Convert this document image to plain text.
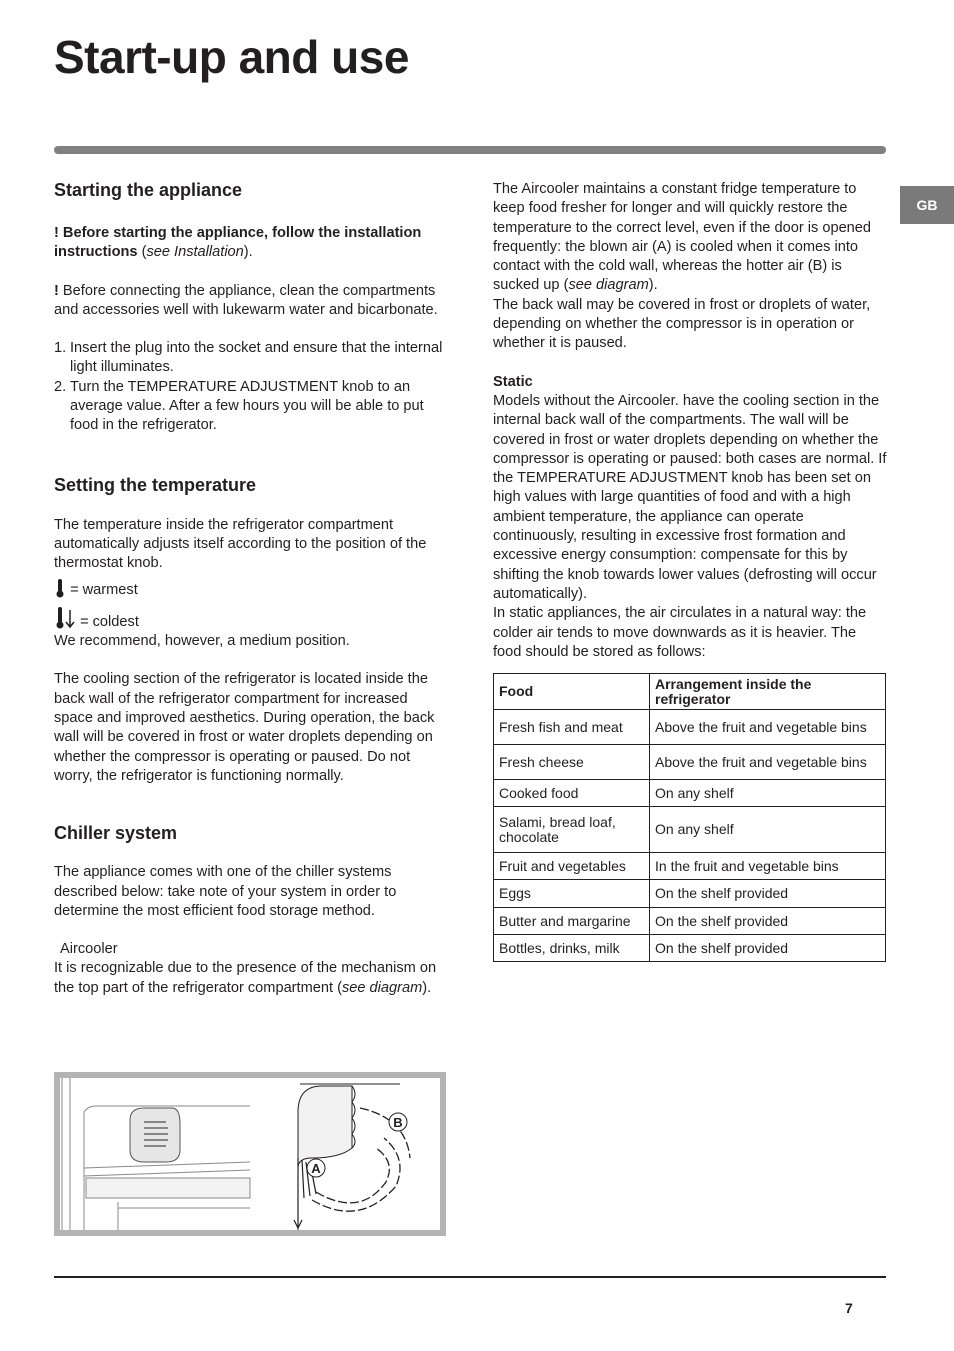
Start-up and use
GB
Starting the appliance

! Before starting the appliance, follow the installation instructions (see Installation).

! Before connecting the appliance, clean the compartments and accessories well with lukewarm water and bicarbonate.

1. Insert the plug into the socket and ensure that the internal light illuminates.
2. Turn the TEMPERATURE ADJUSTMENT knob to an average value. After a few hours you will be able to put food in the refrigerator.
Setting the temperature

The temperature inside the refrigerator compartment automatically adjusts itself according to the position of the thermostat knob.

= warmest

= coldest

We recommend, however, a medium position.

The cooling section of the refrigerator is located inside the back wall of the refrigerator compartment for increased space and improved aesthetics. During operation, the back wall will be covered in frost or water droplets depending on whether the compressor is operating or paused. Do not worry, the refrigerator is functioning normally.

Chiller system

The appliance comes with one of the chiller systems described below: take note of your system in order to determine the most efficient food storage method.

Aircooler

It is recognizable due to the presence of the mechanism on the top part of the refrigerator compartment (see diagram).

B
A

The Aircooler maintains a constant fridge temperature to keep food fresher for longer and will quickly restore the temperature to the correct level, even if the door is opened frequently: the blown air (A) is cooled when it comes into contact with the cold wall, whereas the hotter air (B) is sucked up (see diagram).

The back wall may be covered in frost or droplets of water, depending on whether the compressor is in operation or whether it is paused.

Static

Models without the Aircooler. have the cooling section in the internal back wall of the compartments. The wall will be covered in frost or water droplets depending on whether the compressor is operating or paused: both cases are normal. If the TEMPERATURE ADJUSTMENT knob has been set on high values with large quantities of food and with a high ambient temperature, the appliance can operate continuously, resulting in excessive frost formation and excessive energy consumption: compensate for this by shifting the knob towards lower values (defrosting will occur automatically).

In static appliances, the air circulates in a natural way: the colder air tends to move downwards as it is heavier. The food should be stored as follows:

Food	Arrangement inside the refrigerator
Fresh fish and meat	Above the fruit and vegetable bins
Fresh cheese	Above the fruit and vegetable bins
Cooked food	On any shelf
Salami, bread loaf, chocolate	On any shelf
Fruit and vegetables	In the fruit and vegetable bins
Eggs	On the shelf provided
Butter and margarine	On the shelf provided
Bottles, drinks, milk	On the shelf provided
7
